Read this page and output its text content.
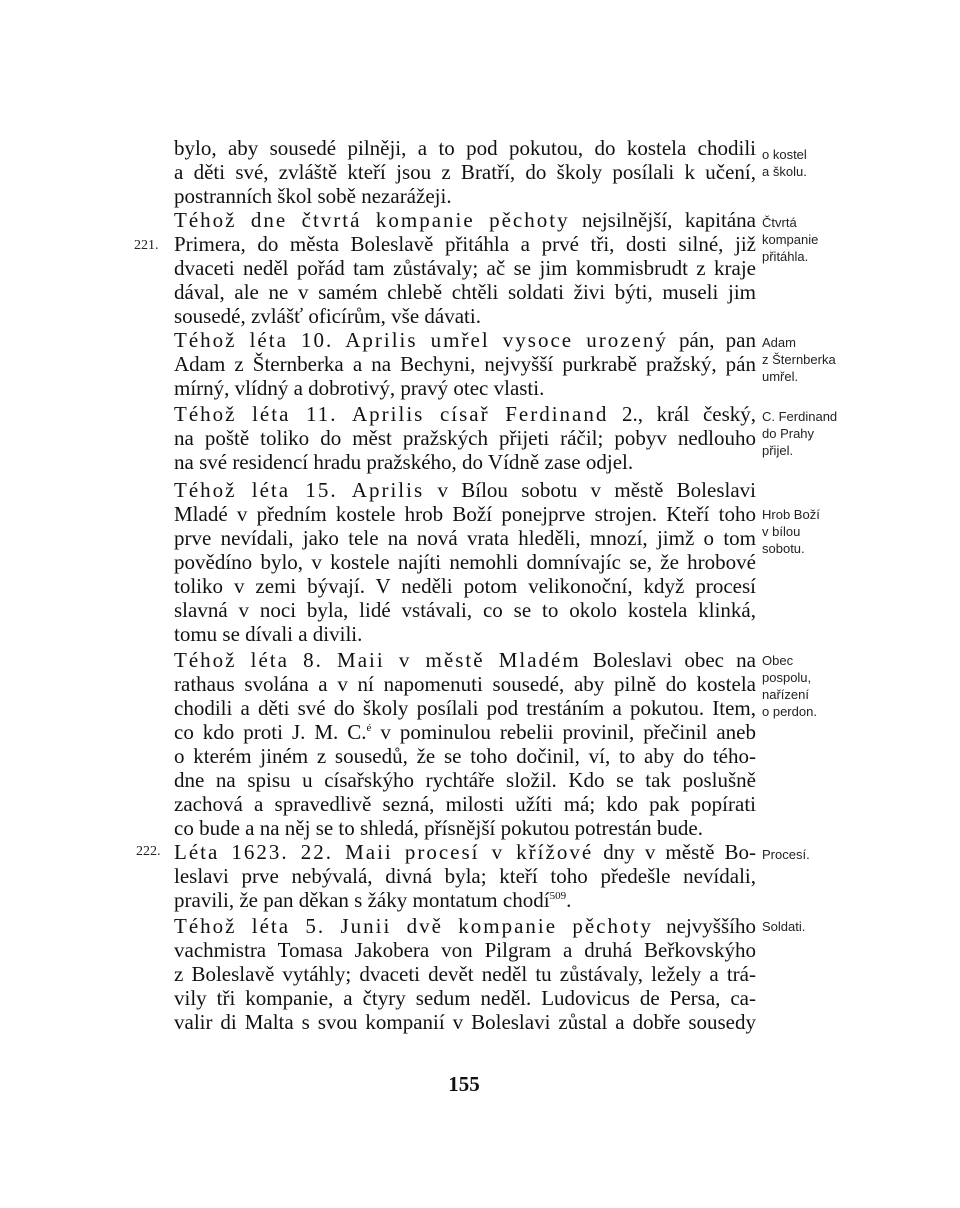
bylo, aby sousedé pilněji, a to pod pokutou, do kostela chodili
a děti své, zvláště kteří jsou z Bratří, do školy posílali k učení,
postranních škol sobě nezarážeji.
Téhož dne čtvrtá kompanie pěchoty nejsilnější, kapitána
Primera, do města Boleslavě přitáhla a prvé tři, dosti silné, již
dvaceti neděl pořád tam zůstávaly; ač se jim kommisbrudt z kraje
dával, ale ne v samém chlebě chtěli soldati živi býti, museli jim
sousedé, zvlášť oficírům, vše dávati.
Téhož léta 10. Aprilis umřel vysoce urozený pán, pan
Adam z Šternberka a na Bechyni, nejvyšší purkrabě pražský, pán
mírný, vlídný a dobrotivý, pravý otec vlasti.
Téhož léta 11. Aprilis císař Ferdinand 2., král český,
na poště toliko do měst pražských přijeti ráčil; pobyv nedlouho
na své residencí hradu pražského, do Vídně zase odjel.
Téhož léta 15. Aprilis v Bílou sobotu v městě Boleslavi
Mladé v předním kostele hrob Boží ponejprve strojen. Kteří toho
prve nevídali, jako tele na nová vrata hleděli, mnozí, jimž o tom
povědíno bylo, v kostele najíti nemohli domnívajíc se, že hrobové
toliko v zemi bývají. V neděli potom velikonoční, když procesí
slavná v noci byla, lidé vstávali, co se to okolo kostela klinká,
tomu se dívali a divili.
Téhož léta 8. Maii v městě Mladém Boleslavi obec na
rathaus svolána a v ní napomenuti sousedé, aby pilně do kostela
chodili a děti své do školy posílali pod trestáním a pokutou. Item,
co kdo proti J. M. C.$^é$ v pominulou rebelii provinil, přečinil aneb
o kterém jiném z sousedů, že se toho dočinil, ví, to aby do tého-
dne na spisu u císařskýho rychtáře složil. Kdo se tak poslušně
zachová a spravedlivě sezná, milosti užíti má; kdo pak popírati
co bude a na něj se to shledá, přísnější pokutou potrestán bude.
Léta 1623. 22. Maii procesí v křížové dny v městě Bo-
leslavi prve nebývalá, divná byla; kteří toho předešle nevídali,
pravili, že pan děkan s žáky montatum chodí$^{509}$.
Téhož léta 5. Junii dvě kompanie pěchoty nejvyššího
vachmistra Tomasa Jakobera von Pilgram a druhá Beřkovskýho
z Boleslavě vytáhly; dvaceti devět neděl tu zůstávaly, ležely a trá-
vily tři kompanie, a čtyry sedum neděl. Ludovicus de Persa, ca-
valir di Malta s svou kompanií v Boleslavi zůstal a dobře sousedy
221.
222.
o kostel
a školu.
Čtvrtá
kompanie
přitáhla.
Adam
z Šternberka
umřel.
C. Ferdinand
do Prahy
přijel.
Hrob Boží
v bílou
sobotu.
Obec
pospolu,
nařízení
o perdon.
Procesí.
Soldati.
155
